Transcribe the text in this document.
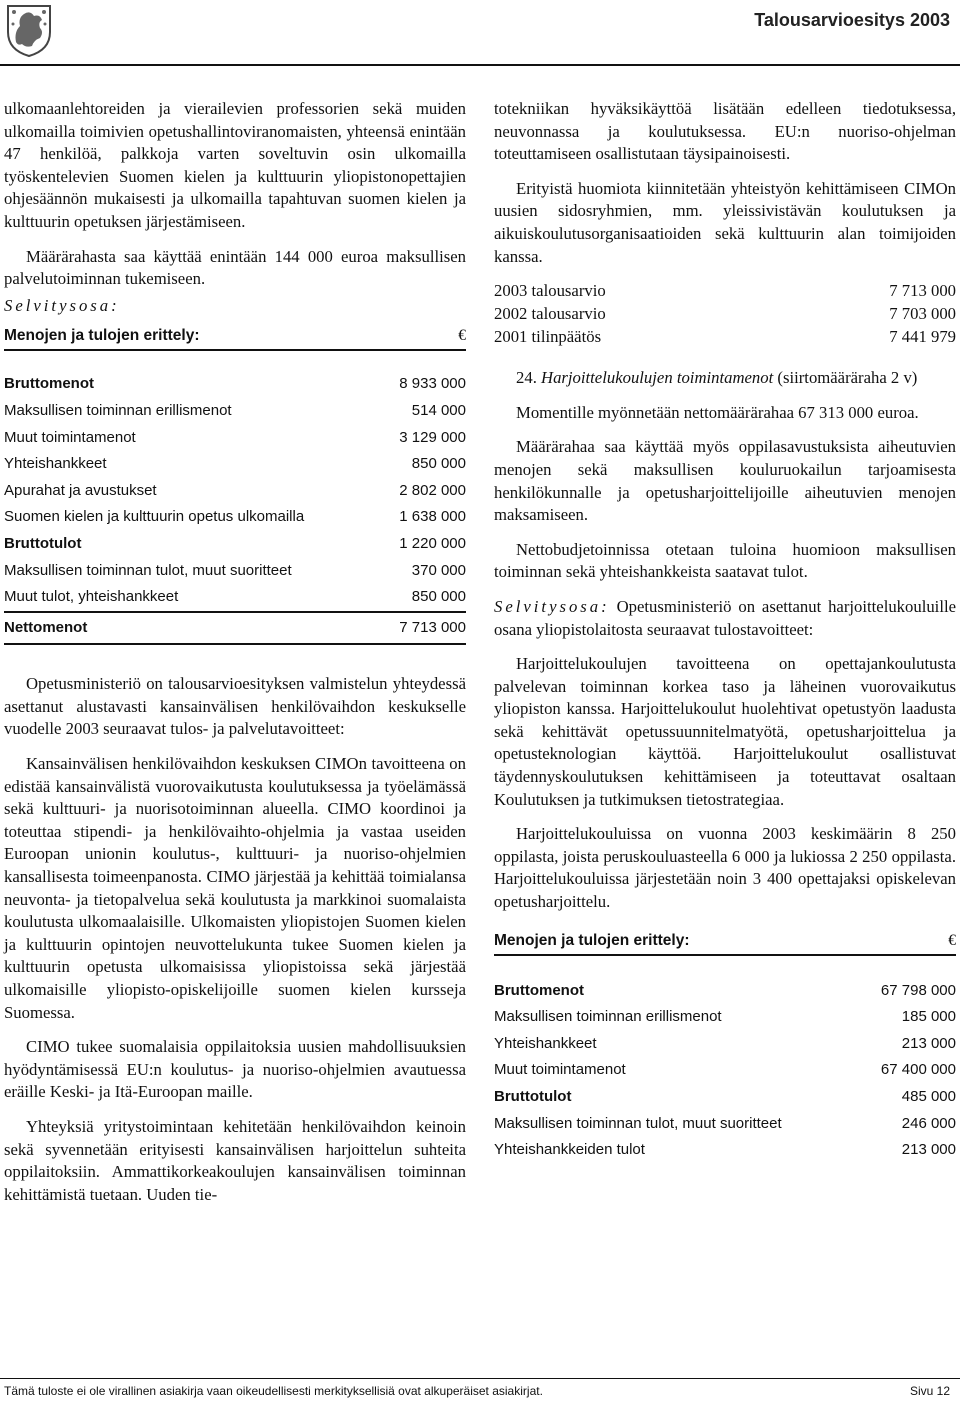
Talousarvioesitys 2003

ulkomaanlehtoreiden ja vierailevien professorien sekä muiden ulkomailla toimivien opetushallintoviranomaisten, yhteensä enintään 47 henkilöä, palkkoja varten soveltuvin osin ulkomailla työskentelevien Suomen kielen ja kulttuurin yliopistonopettajien ohjesäännön mukaisesti ja ulkomailla tapahtuvan suomen kielen ja kulttuurin opetuksen järjestämiseen.

Määrärahasta saa käyttää enintään 144 000 euroa maksullisen palvelutoiminnan tukemiseen.

Selvitysosa:
Menojen ja tulojen erittely:	€
Bruttomenot	8 933 000
Maksullisen toiminnan erillismenot	514 000
Muut toimintamenot	3 129 000
Yhteishankkeet	850 000
Apurahat ja avustukset	2 802 000
Suomen kielen ja kulttuurin opetus ulkomailla	1 638 000
Bruttotulot	1 220 000
Maksullisen toiminnan tulot, muut suoritteet	370 000
Muut tulot, yhteishankkeet	850 000
Nettomenot	7 713 000

Opetusministeriö on talousarvioesityksen valmistelun yhteydessä asettanut alustavasti kansainvälisen henkilövaihdon keskukselle vuodelle 2003 seuraavat tulos- ja palvelutavoitteet:

Kansainvälisen henkilövaihdon keskuksen CIMOn tavoitteena on edistää kansainvälistä vuorovaikutusta koulutuksessa ja työelämässä sekä kulttuuri- ja nuorisotoiminnan alueella. CIMO koordinoi ja toteuttaa stipendi- ja henkilövaihto-ohjelmia ja vastaa useiden Euroopan unionin koulutus-, kulttuuri- ja nuoriso-ohjelmien kansallisesta toimeenpanosta. CIMO järjestää ja kehittää toimialansa neuvonta- ja tietopalvelua sekä koulutusta ja markkinoi suomalaista koulutusta ulkomaalaisille. Ulkomaisten yliopistojen Suomen kielen ja kulttuurin opintojen neuvottelukunta tukee Suomen kielen ja kulttuurin opetusta ulkomaisissa yliopistoissa sekä järjestää ulkomaisille yliopisto-opiskelijoille suomen kielen kursseja Suomessa.

CIMO tukee suomalaisia oppilaitoksia uusien mahdollisuuksien hyödyntämisessä EU:n koulutus- ja nuoriso-ohjelmien avautuessa eräille Keski- ja Itä-Euroopan maille.

Yhteyksiä yritystoimintaan kehitetään henkilövaihdon keinoin sekä syvennetään erityisesti kansainvälisen harjoittelun suhteita oppilaitoksiin. Ammattikorkeakoulujen kansainvälisen toiminnan kehittämistä tuetaan. Uuden tie-

totekniikan hyväksikäyttöä lisätään edelleen tiedotuksessa, neuvonnassa ja koulutuksessa. EU:n nuoriso-ohjelman toteuttamiseen osallistutaan täysipainoisesti.

Erityistä huomiota kiinnitetään yhteistyön kehittämiseen CIMOn uusien sidosryhmien, mm. yleissivistävän koulutuksen ja aikuiskoulutusorganisaatioiden sekä kulttuurin alan toimijoiden kanssa.

2003 talousarvio	7 713 000
2002 talousarvio	7 703 000
2001 tilinpäätös	7 441 979

24. Harjoittelukoulujen toimintamenot (siirtomääräraha 2 v)

Momentille myönnetään nettomäärärahaa 67 313 000 euroa.

Määrärahaa saa käyttää myös oppilasavustuksista aiheutuvien menojen sekä maksullisen kouluruokailun tarjoamisesta henkilökunnalle ja opetusharjoittelijoille aiheutuvien menojen maksamiseen.

Nettobudjetoinnissa otetaan tuloina huomioon maksullisen toiminnan sekä yhteishankkeista saatavat tulot.

Selvitysosa: Opetusministeriö on asettanut harjoittelukouluille osana yliopistolaitosta seuraavat tulostavoitteet:

Harjoittelukoulujen tavoitteena on opettajankoulutusta palvelevan toiminnan korkea taso ja läheinen vuorovaikutus yliopiston kanssa. Harjoittelukoulut huolehtivat opetustyön laadusta sekä kehittävät opetussuunnitelmatyötä, opetusharjoittelua ja opetusteknologian käyttöä. Harjoittelukoulut osallistuvat täydennyskoulutuksen kehittämiseen ja toteuttavat osaltaan Koulutuksen ja tutkimuksen tietostrategiaa.

Harjoittelukouluissa on vuonna 2003 keskimäärin 8 250 oppilasta, joista peruskouluasteella 6 000 ja lukiossa 2 250 oppilasta. Harjoittelukouluissa järjestetään noin 3 400 opettajaksi opiskelevan opetusharjoittelu.

Menojen ja tulojen erittely:	€
Bruttomenot	67 798 000
Maksullisen toiminnan erillismenot	185 000
Yhteishankkeet	213 000
Muut toimintamenot	67 400 000
Bruttotulot	485 000
Maksullisen toiminnan tulot, muut suoritteet	246 000
Yhteishankkeiden tulot	213 000
Tämä tuloste ei ole virallinen asiakirja vaan oikeudellisesti merkityksellisiä ovat alkuperäiset asiakirjat.	Sivu 12
